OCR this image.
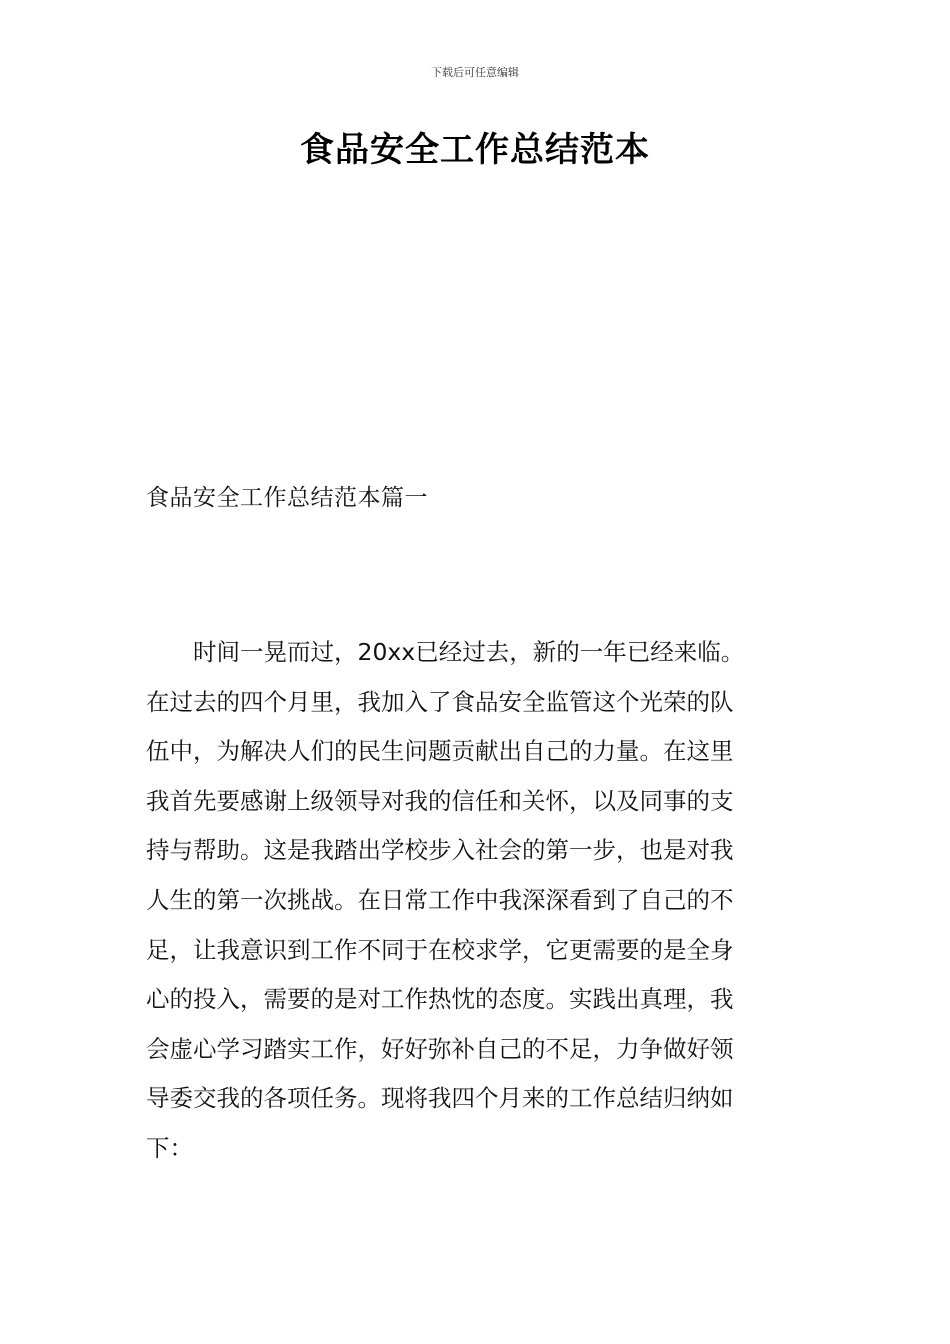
下载后可任意编辑
食品安全工作总结范本
食品安全工作总结范本篇一

　　时间一晃而过，20xx已经过去，新的一年已经来临。
在过去的四个月里，我加入了食品安全监管这个光荣的队
伍中，为解决人们的民生问题贡献出自己的力量。在这里
我首先要感谢上级领导对我的信任和关怀，以及同事的支
持与帮助。这是我踏出学校步入社会的第一步，也是对我
人生的第一次挑战。在日常工作中我深深看到了自己的不
足，让我意识到工作不同于在校求学，它更需要的是全身
心的投入，需要的是对工作热忱的态度。实践出真理，我
会虚心学习踏实工作，好好弥补自己的不足，力争做好领
导委交我的各项任务。现将我四个月来的工作总结归纳如
下：
